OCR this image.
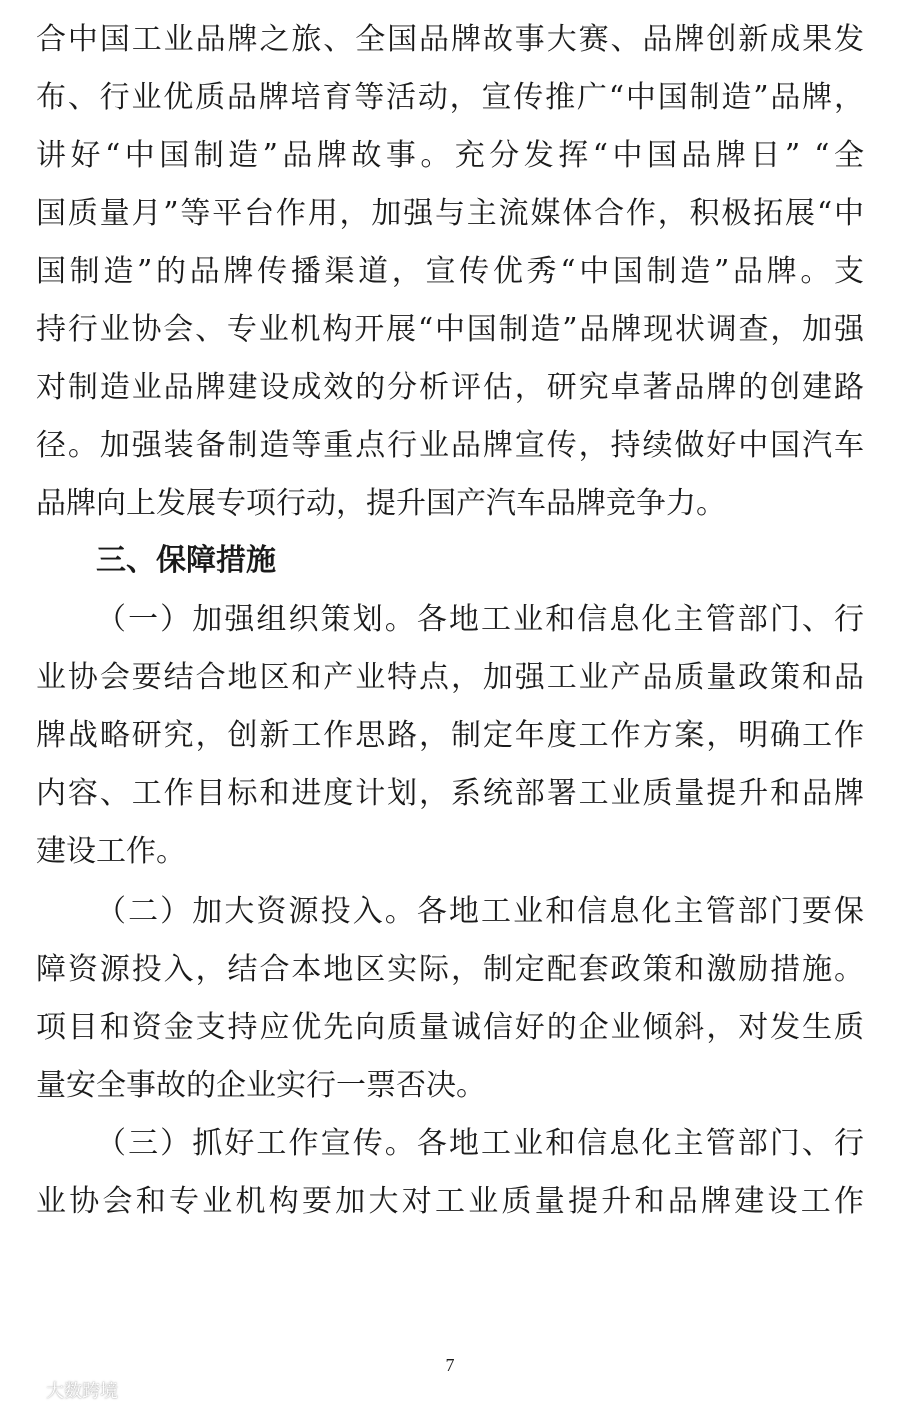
合中国工业品牌之旅、全国品牌故事大赛、品牌创新成果发
布、行业优质品牌培育等活动，宣传推广“中国制造”品牌，
讲好“中国制造”品牌故事。充分发挥“中国品牌日” “全
国质量月”等平台作用，加强与主流媒体合作，积极拓展“中
国制造”的品牌传播渠道，宣传优秀“中国制造”品牌。支
持行业协会、专业机构开展“中国制造”品牌现状调查，加强
对制造业品牌建设成效的分析评估，研究卓著品牌的创建路
径。加强装备制造等重点行业品牌宣传，持续做好中国汽车
品牌向上发展专项行动，提升国产汽车品牌竞争力。
三、保障措施
（一）加强组织策划。各地工业和信息化主管部门、行
业协会要结合地区和产业特点，加强工业产品质量政策和品
牌战略研究，创新工作思路，制定年度工作方案，明确工作
内容、工作目标和进度计划，系统部署工业质量提升和品牌
建设工作。
（二）加大资源投入。各地工业和信息化主管部门要保
障资源投入，结合本地区实际，制定配套政策和激励措施。
项目和资金支持应优先向质量诚信好的企业倾斜，对发生质
量安全事故的企业实行一票否决。
（三）抓好工作宣传。各地工业和信息化主管部门、行
业协会和专业机构要加大对工业质量提升和品牌建设工作
7
大数跨境
